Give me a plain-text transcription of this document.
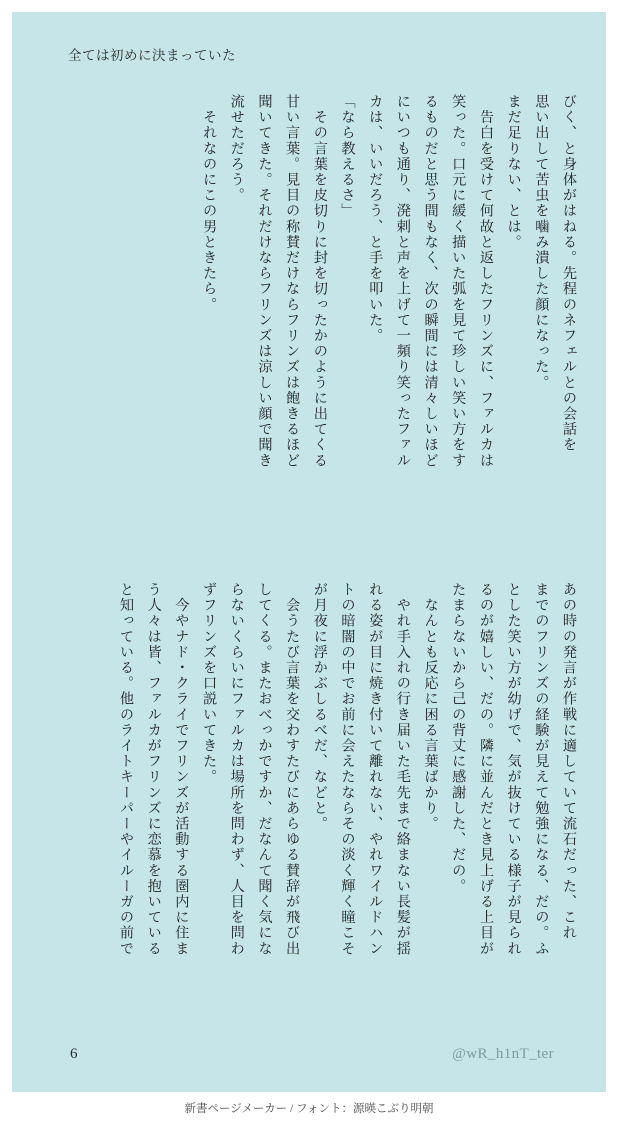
全ては初めに決まっていた
びく、と身体がはねる。先程のネフェルとの会話を
思い出して苦虫を噛み潰した顔になった。
まだ足りない、とは。
　告白を受けて何故と返したフリンズに、ファルカは
笑った。口元に緩く描いた弧を見て珍しい笑い方をす
るものだと思う間もなく、次の瞬間には清々しいほど
にいつも通り、溌剌と声を上げて一頻り笑ったファル
カは、いいだろう、と手を叩いた。
「なら教えるさ」
　その言葉を皮切りに封を切ったかのように出てくる
甘い言葉。見目の称賛だけならフリンズは飽きるほど
聞いてきた。それだけならフリンズは涼しい顔で聞き
流せただろう。
　それなのにこの男ときたら。
あの時の発言が作戦に適していて流石だった、これ
までのフリンズの経験が見えて勉強になる、だの。ふ
とした笑い方が幼げで、気が抜けている様子が見られ
るのが嬉しい、だの。隣に並んだとき見上げる上目が
たまらないから己の背丈に感謝した、だの。
　なんとも反応に困る言葉ばかり。
　やれ手入れの行き届いた毛先まで絡まない長髪が揺
れる姿が目に焼き付いて離れない、やれワイルドハン
トの暗闇の中でお前に会えたならその淡く輝く瞳こそ
が月夜に浮かぶしるべだ、などと。
　会うたび言葉を交わすたびにあらゆる賛辞が飛び出
してくる。またおべっかですか、だなんて聞く気にな
らないくらいにファルカは場所を問わず、人目を問わ
ずフリンズを口説いてきた。
　今やナド・クライでフリンズが活動する圏内に住ま
う人々は皆、ファルカがフリンズに恋慕を抱いている
と知っている。他のライトキーパーやイルーガの前で
6	@wR_h1nT_ter
新書ページメーカー / フォント：源暎こぶり明朝
